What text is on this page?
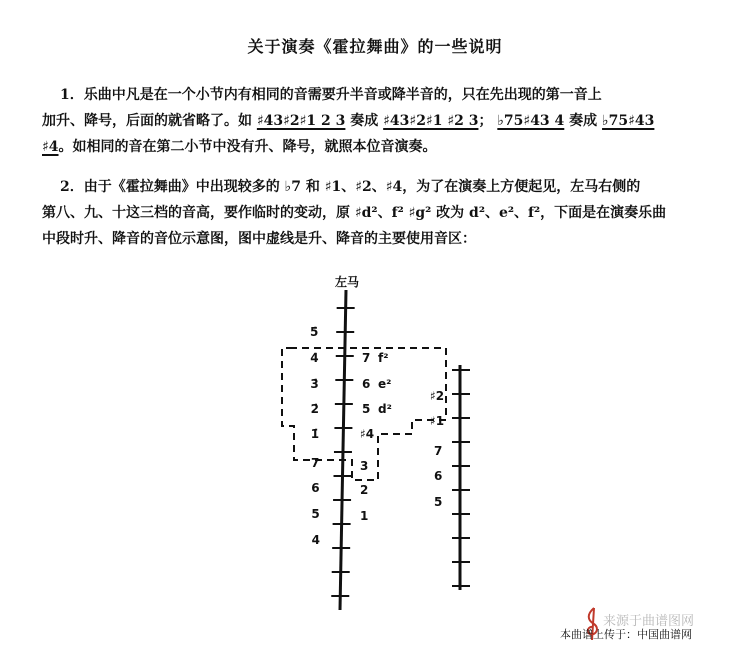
关于演奏《霍拉舞曲》的一些说明
1．乐曲中凡是在一个小节内有相同的音需要升半音或降半音的，只在先出现的第一音上
加升、降号，后面的就省略了。如 ♯43♯2♯1 2 3 奏成 ♯43♯2♯1 ♯2 3； ♭75♯43 4 奏成 ♭75♯43
♯4。如相同的音在第二小节中没有升、降号，就照本位音演奏。
2．由于《霍拉舞曲》中出现较多的 ♭7 和 ♯1、♯2、♯4，为了在演奏上方便起见，左马右侧的
第八、九、十这三档的音高，要作临时的变动，原 ♯d²、f² ♯g² 改为 d²、e²、f²，下面是在演奏乐曲
中段时升、降音的音位示意图，图中虚线是升、降音的主要使用音区：
左马
5̇
4̇
3̇
2̇
1̇
7
6
5
4
♯2
♯1
7
6
5
7 f²
6 e²
5 d²
♯4
3
2
1
来源于曲谱图网
本曲谱上传于：中国曲谱网
